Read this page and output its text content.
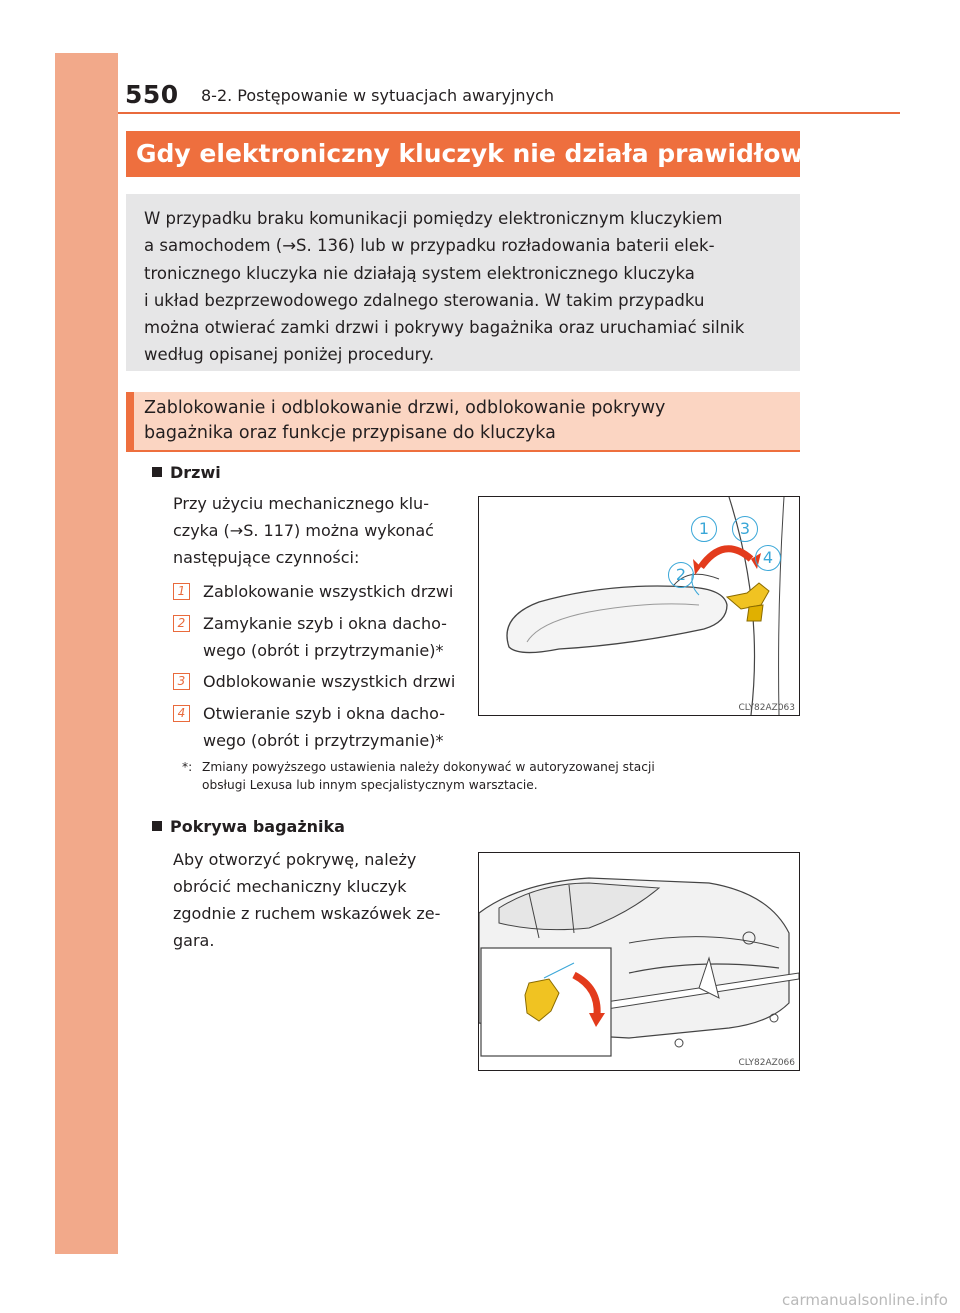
550 8-2. Postępowanie w sytuacjach awaryjnych
Gdy elektroniczny kluczyk nie działa prawidłowo
W przypadku braku komunikacji pomiędzy elektronicznym kluczykiem
a samochodem (→S. 136) lub w przypadku rozładowania baterii elek-
tronicznego kluczyka nie działają system elektronicznego kluczyka
i układ bezprzewodowego zdalnego sterowania. W takim przypadku
można otwierać zamki drzwi i pokrywy bagażnika oraz uruchamiać silnik
według opisanej poniżej procedury.
Zablokowanie i odblokowanie drzwi, odblokowanie pokrywy
bagażnika oraz funkcje przypisane do kluczyka
Drzwi
Przy użyciu mechanicznego klu-
czyka (→S. 117) można wykonać
następujące czynności:
1 Zablokowanie wszystkich drzwi
2 Zamykanie szyb i okna dacho-
wego (obrót i przytrzymanie)*
3 Odblokowanie wszystkich drzwi
4 Otwieranie szyb i okna dacho-
wego (obrót i przytrzymanie)*
1
2
3
4
CLY82AZ063
*: Zmiany powyższego ustawienia należy dokonywać w autoryzowanej stacji
obsługi Lexusa lub innym specjalistycznym warsztacie.
Pokrywa bagażnika
Aby otworzyć pokrywę, należy
obrócić mechaniczny kluczyk
zgodnie z ruchem wskazówek ze-
gara.
CLY82AZ066
carmanualsonline.info
